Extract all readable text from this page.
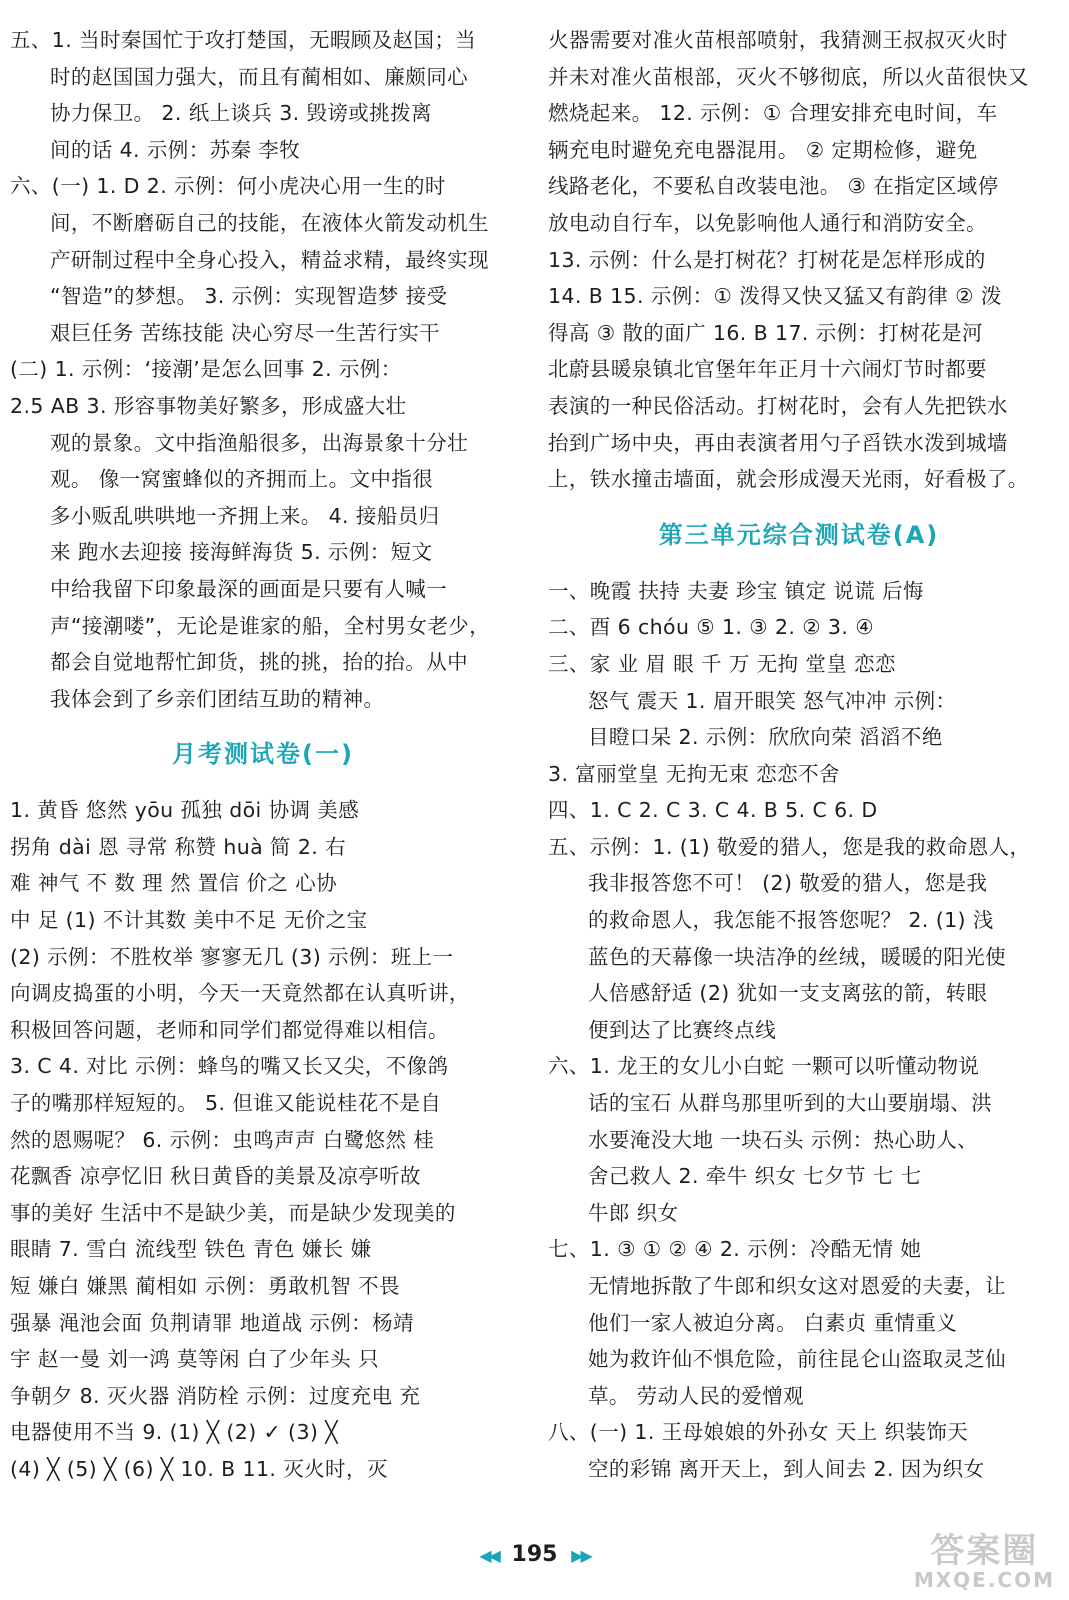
五、1. 当时秦国忙于攻打楚国，无暇顾及赵国；当
时的赵国国力强大，而且有蔺相如、廉颇同心
协力保卫。 2. 纸上谈兵 3. 毁谤或挑拨离
间的话 4. 示例：苏秦 李牧
六、(一) 1. D 2. 示例：何小虎决心用一生的时
间，不断磨砺自己的技能，在液体火箭发动机生
产研制过程中全身心投入，精益求精，最终实现
“智造”的梦想。 3. 示例：实现智造梦 接受
艰巨任务 苦练技能 决心穷尽一生苦行实干
(二) 1. 示例：‘接潮’是怎么回事 2. 示例：
2.5 AB 3. 形容事物美好繁多，形成盛大壮
观的景象。文中指渔船很多，出海景象十分壮
观。 像一窝蜜蜂似的齐拥而上。文中指很
多小贩乱哄哄地一齐拥上来。 4. 接船员归
来 跑水去迎接 接海鲜海货 5. 示例：短文
中给我留下印象最深的画面是只要有人喊一
声“接潮喽”，无论是谁家的船，全村男女老少，
都会自觉地帮忙卸货，挑的挑，抬的抬。从中
我体会到了乡亲们团结互助的精神。
月考测试卷(一)
1. 黄昏 悠然 yōu 孤独 dōi 协调 美感
拐角 dài 恩 寻常 称赞 huà 简 2. 右
难 神气 不 数 理 然 置信 价之 心协
中 足 (1) 不计其数 美中不足 无价之宝
(2) 示例：不胜枚举 寥寥无几 (3) 示例：班上一
向调皮捣蛋的小明，今天一天竟然都在认真听讲，
积极回答问题，老师和同学们都觉得难以相信。
3. C 4. 对比 示例：蜂鸟的嘴又长又尖，不像鸽
子的嘴那样短短的。 5. 但谁又能说桂花不是自
然的恩赐呢？ 6. 示例：虫鸣声声 白鹭悠然 桂
花飘香 凉亭忆旧 秋日黄昏的美景及凉亭听故
事的美好 生活中不是缺少美，而是缺少发现美的
眼睛 7. 雪白 流线型 铁色 青色 嫌长 嫌
短 嫌白 嫌黑 蔺相如 示例：勇敢机智 不畏
强暴 渑池会面 负荆请罪 地道战 示例：杨靖
宇 赵一曼 刘一鸿 莫等闲 白了少年头 只
争朝夕 8. 灭火器 消防栓 示例：过度充电 充
电器使用不当 9. (1) ╳ (2) ✓ (3) ╳
(4) ╳ (5) ╳ (6) ╳ 10. B 11. 灭火时，灭
火器需要对准火苗根部喷射，我猜测王叔叔灭火时
并未对准火苗根部，灭火不够彻底，所以火苗很快又
燃烧起来。 12. 示例：① 合理安排充电时间，车
辆充电时避免充电器混用。 ② 定期检修，避免
线路老化，不要私自改装电池。 ③ 在指定区域停
放电动自行车，以免影响他人通行和消防安全。
13. 示例：什么是打树花？打树花是怎样形成的
14. B 15. 示例：① 泼得又快又猛又有韵律 ② 泼
得高 ③ 散的面广 16. B 17. 示例：打树花是河
北蔚县暖泉镇北官堡年年正月十六闹灯节时都要
表演的一种民俗活动。打树花时，会有人先把铁水
抬到广场中央，再由表演者用勺子舀铁水泼到城墙
上，铁水撞击墙面，就会形成漫天光雨，好看极了。
第三单元综合测试卷(A)
一、晚霞 扶持 夫妻 珍宝 镇定 说谎 后悔
二、酉 6 chóu ⑤ 1. ③ 2. ② 3. ④
三、家 业 眉 眼 千 万 无拘 堂皇 恋恋
怒气 震天 1. 眉开眼笑 怒气冲冲 示例：
目瞪口呆 2. 示例：欣欣向荣 滔滔不绝
3. 富丽堂皇 无拘无束 恋恋不舍
四、1. C 2. C 3. C 4. B 5. C 6. D
五、示例：1. (1) 敬爱的猎人，您是我的救命恩人，
我非报答您不可！ (2) 敬爱的猎人，您是我
的救命恩人，我怎能不报答您呢？ 2. (1) 浅
蓝色的天幕像一块洁净的丝绒，暖暖的阳光使
人倍感舒适 (2) 犹如一支支离弦的箭，转眼
便到达了比赛终点线
六、1. 龙王的女儿小白蛇 一颗可以听懂动物说
话的宝石 从群鸟那里听到的大山要崩塌、洪
水要淹没大地 一块石头 示例：热心助人、
舍己救人 2. 牵牛 织女 七夕节 七 七
牛郎 织女
七、1. ③ ① ② ④ 2. 示例：冷酷无情 她
无情地拆散了牛郎和织女这对恩爱的夫妻，让
他们一家人被迫分离。 白素贞 重情重义
她为救许仙不惧危险，前往昆仑山盗取灵芝仙
草。 劳动人民的爱憎观
八、(一) 1. 王母娘娘的外孙女 天上 织装饰天
空的彩锦 离开天上，到人间去 2. 因为织女
◀◀ 195 ▶▶	答案圈
MXQE.COM
